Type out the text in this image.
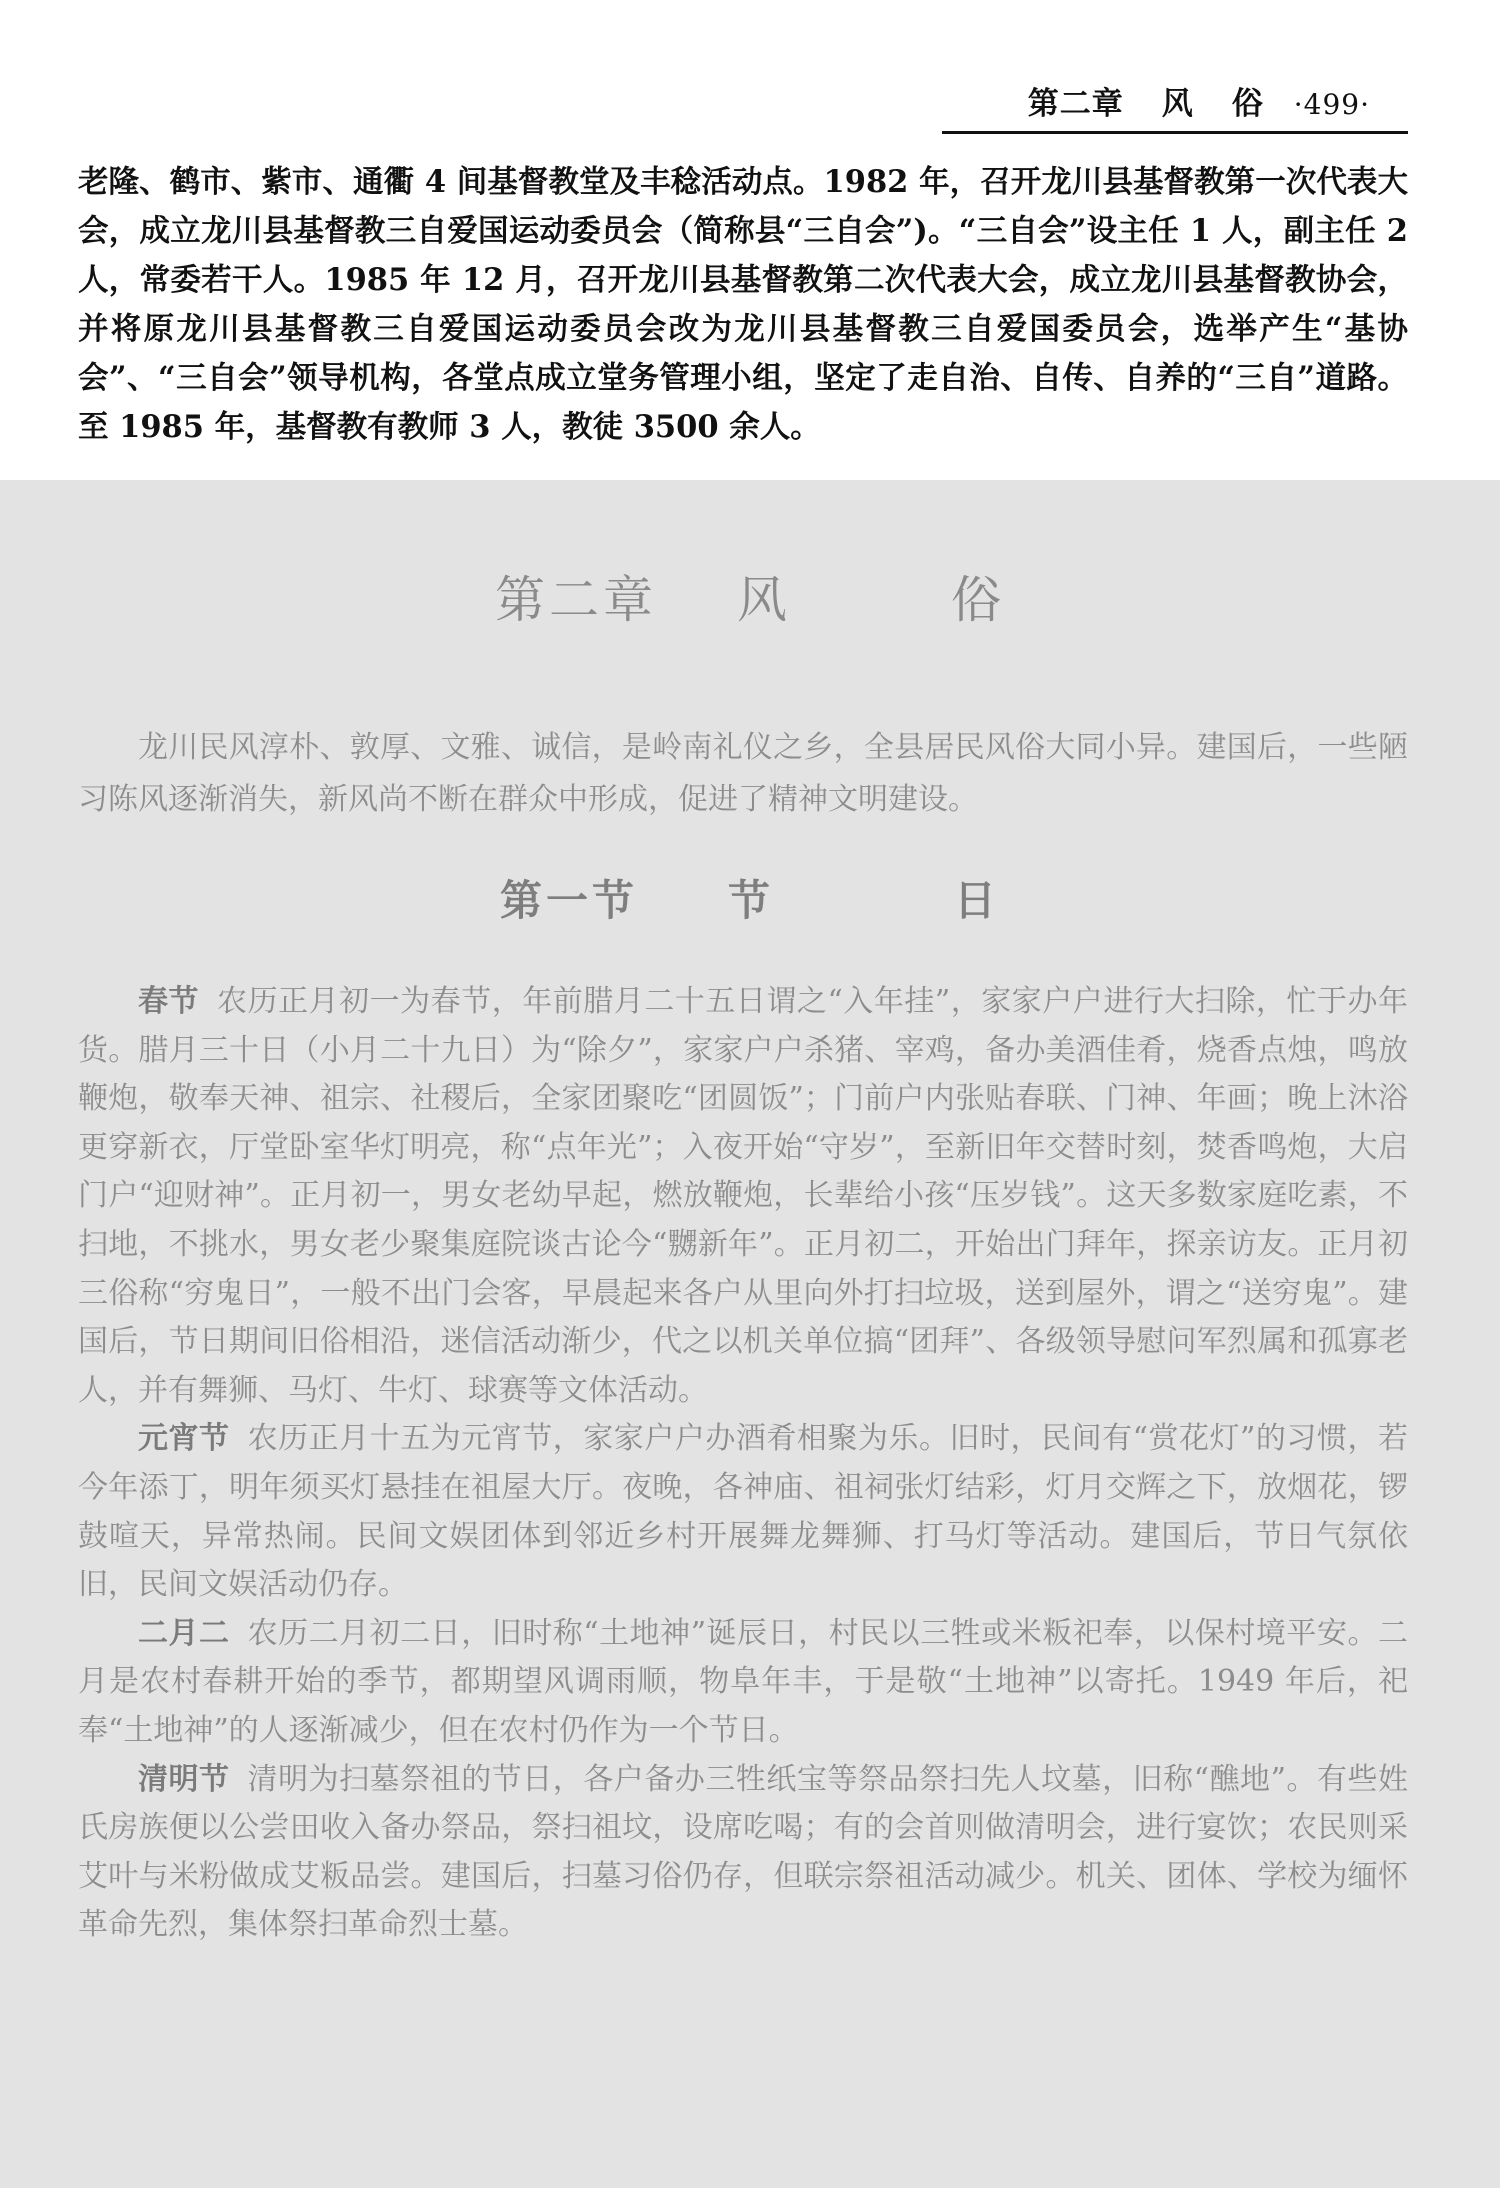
第二章 风 俗 ·499·

老隆、鹤市、紫市、通衢 4 间基督教堂及丰稔活动点。1982 年，召开龙川县基督教第一次代表大会，成立龙川县基督教三自爱国运动委员会（简称县“三自会”)。“三自会”设主任 1 人，副主任 2 人，常委若干人。1985 年 12 月，召开龙川县基督教第二次代表大会，成立龙川县基督教协会，并将原龙川县基督教三自爱国运动委员会改为龙川县基督教三自爱国委员会，选举产生“基协会”、“三自会”领导机构，各堂点成立堂务管理小组，坚定了走自治、自传、自养的“三自”道路。至 1985 年，基督教有教师 3 人，教徒 3500 余人。

第二章 风	俗

龙川民风淳朴、敦厚、文雅、诚信，是岭南礼仪之乡，全县居民风俗大同小异。建国后，一些陋习陈风逐渐消失，新风尚不断在群众中形成，促进了精神文明建设。

第一节 节	日

春节 农历正月初一为春节，年前腊月二十五日谓之“入年挂”，家家户户进行大扫除，忙于办年货。腊月三十日（小月二十九日）为“除夕”，家家户户杀猪、宰鸡，备办美酒佳肴，烧香点烛，鸣放鞭炮，敬奉天神、祖宗、社稷后，全家团聚吃“团圆饭”；门前户内张贴春联、门神、年画；晚上沐浴更穿新衣，厅堂卧室华灯明亮，称“点年光”；入夜开始“守岁”，至新旧年交替时刻，焚香鸣炮，大启门户“迎财神”。正月初一，男女老幼早起，燃放鞭炮，长辈给小孩“压岁钱”。这天多数家庭吃素，不扫地，不挑水，男女老少聚集庭院谈古论今“嬲新年”。正月初二，开始出门拜年，探亲访友。正月初三俗称“穷鬼日”，一般不出门会客，早晨起来各户从里向外打扫垃圾，送到屋外，谓之“送穷鬼”。建国后，节日期间旧俗相沿，迷信活动渐少，代之以机关单位搞“团拜”、各级领导慰问军烈属和孤寡老人，并有舞狮、马灯、牛灯、球赛等文体活动。

元宵节 农历正月十五为元宵节，家家户户办酒肴相聚为乐。旧时，民间有“赏花灯”的习惯，若今年添丁，明年须买灯悬挂在祖屋大厅。夜晚，各神庙、祖祠张灯结彩，灯月交辉之下，放烟花，锣鼓喧天，异常热闹。民间文娱团体到邻近乡村开展舞龙舞狮、打马灯等活动。建国后，节日气氛依旧，民间文娱活动仍存。

二月二 农历二月初二日，旧时称“土地神”诞辰日，村民以三牲或米粄祀奉，以保村境平安。二月是农村春耕开始的季节，都期望风调雨顺，物阜年丰，于是敬“土地神”以寄托。1949 年后，祀奉“土地神”的人逐渐减少，但在农村仍作为一个节日。

清明节 清明为扫墓祭祖的节日，各户备办三牲纸宝等祭品祭扫先人坟墓，旧称“醮地”。有些姓氏房族便以公尝田收入备办祭品，祭扫祖坟，设席吃喝；有的会首则做清明会，进行宴饮；农民则采艾叶与米粉做成艾粄品尝。建国后，扫墓习俗仍存，但联宗祭祖活动减少。机关、团体、学校为缅怀革命先烈，集体祭扫革命烈士墓。
